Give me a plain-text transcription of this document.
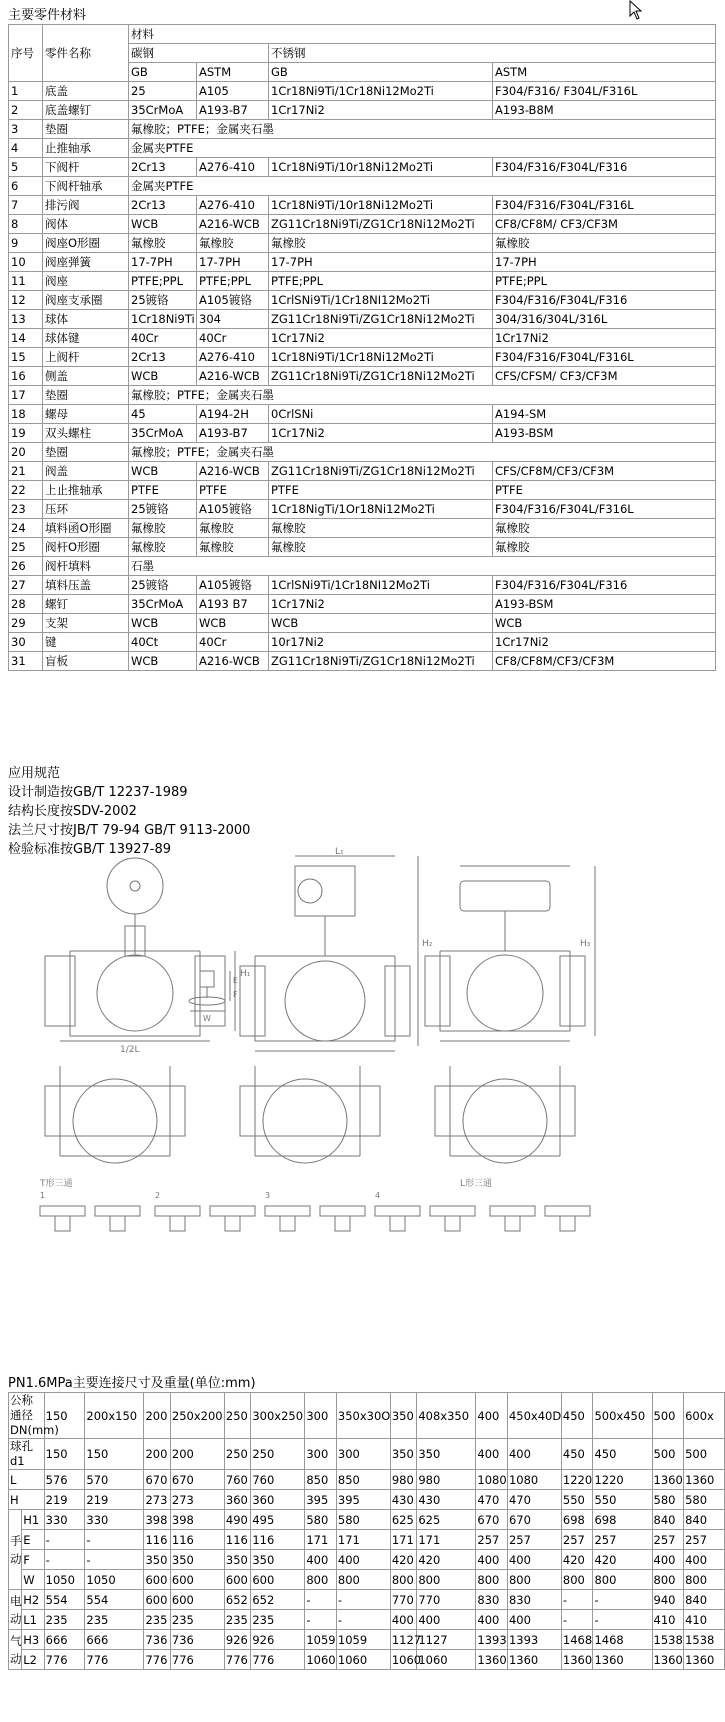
主要零件材料
序号	零件名称	材料			
		碳钢		不锈钢	
		GB	ASTM	GB	ASTM
1	底盖	25	A105	1Cr18Ni9Ti/1Cr18Ni12Mo2Ti	F304/F316/ F304L/F316L
2	底盖螺钉	35CrMoA	A193-B7	1Cr17Ni2	A193-B8M
3	垫圈	氟橡胶；PTFE；金属夹石墨			
4	止推轴承	金属夹PTFE			
5	下阀杆	2Cr13	A276-410	1Cr18Ni9Ti/10r18Ni12Mo2Ti	F304/F316/F304L/F316
6	下阀杆轴承	金属夹PTFE			
7	排污阀	2Cr13	A276-410	1Cr18Ni9Ti/10r18Ni12Mo2Ti	F304/F316/F304L/F316L
8	阀体	WCB	A216-WCB	ZG11Cr18Ni9Ti/ZG1Cr18Ni12Mo2Ti	CF8/CF8M/ CF3/CF3M
9	阀座O形圈	氟橡胶	氟橡胶	氟橡胶	氟橡胶
10	阀座弹簧	17-7PH	17-7PH	17-7PH	17-7PH
11	阀座	PTFE;PPL	PTFE;PPL	PTFE;PPL	PTFE;PPL
12	阀座支承圈	25镀铬	A105镀铬	1CrlSNi9Ti/1Cr18NI12Mo2Ti	F304/F316/F304L/F316
13	球体	1Cr18Ni9Ti	304	ZG11Cr18Ni9Ti/ZG1Cr18Ni12Mo2Ti	304/316/304L/316L
14	球体键	40Cr	40Cr	1Cr17Ni2	1Cr17Ni2
15	上阀杆	2Cr13	A276-410	1Cr18Ni9Ti/1Cr18Ni12Mo2Ti	F304/F316/F304L/F316L
16	侧盖	WCB	A216-WCB	ZG11Cr18Ni9Ti/ZG1Cr18Ni12Mo2Ti	CFS/CFSM/ CF3/CF3M
17	垫圈	氟橡胶；PTFE；金属夹石墨			
18	螺母	45	A194-2H	0CrlSNi	A194-SM
19	双头螺柱	35CrMoA	A193-B7	1Cr17Ni2	A193-BSM
20	垫圈	氟橡胶；PTFE；金属夹石墨			
21	阀盖	WCB	A216-WCB	ZG11Cr18Ni9Ti/ZG1Cr18Ni12Mo2Ti	CFS/CF8M/CF3/CF3M
22	上止推轴承	PTFE	PTFE	PTFE	PTFE
23	压环	25镀铬	A105镀铬	1Cr18NigTi/1Or18Ni12Mo2Ti	F304/F316/F304L/F316L
24	填料函O形圈	氟橡胶	氟橡胶	氟橡胶	氟橡胶
25	阀杆O形圈	氟橡胶	氟橡胶	氟橡胶	氟橡胶
26	阀杆填料	石墨			
27	填料压盖	25镀铬	A105镀铬	1CrlSNi9Ti/1Cr18NI12Mo2Ti	F304/F316/F304L/F316
28	螺钉	35CrMoA	A193 B7	1Cr17Ni2	A193-BSM
29	支架	WCB	WCB	WCB	WCB
30	键	40Ct	40Cr	10r17Ni2	1Cr17Ni2
31	盲板	WCB	A216-WCB	ZG11Cr18Ni9Ti/ZG1Cr18Ni12Mo2Ti	CF8/CF8M/CF3/CF3M
应用规范
设计制造按GB/T 12237-1989
结构长度按SDV-2002
法兰尺寸按JB/T 79-94 GB/T 9113-2000
检验标准按GB/T 13927-89
H₁
1/2L
E
F
W
L₁
H₂	H₃
T形三通	L形三通
1	2	3	4
PN1.6MPa主要连接尺寸及重量(单位:mm)
公称通径DN(mm)		150	200x150	200	250x200	250	300x250	300	350x30O	350	408x350	400	450x40D	450	500x450	500	600x
球孔d1		150	150	200	200	250	250	300	300	350	350	400	400	450	450	500	500
L		576	570	670	670	760	760	850	850	980	980	1080	1080	1220	1220	1360	1360
H		219	219	273	273	360	360	395	395	430	430	470	470	550	550	580	580
手动	H1	330	330	398	398	490	495	580	580	625	625	670	670	698	698	840	840
	E	-	-	116	116	116	116	171	171	171	171	257	257	257	257	257	257
	F	-	-	350	350	350	350	400	400	420	420	400	400	420	420	400	400
	W	1050	1050	600	600	600	600	800	800	800	800	800	800	800	800	800	800
电动	H2	554	554	600	600	652	652	-	-	770	770	830	830	-	-	940	840
	L1	235	235	235	235	235	235	-	-	400	400	400	400	-	-	410	410
气动	H3	666	666	736	736	926	926	1059	1059	1127	1127	1393	1393	1468	1468	1538	1538
	L2	776	776	776	776	776	776	1060	1060	1060	1060	1360	1360	1360	1360	1360	1360
